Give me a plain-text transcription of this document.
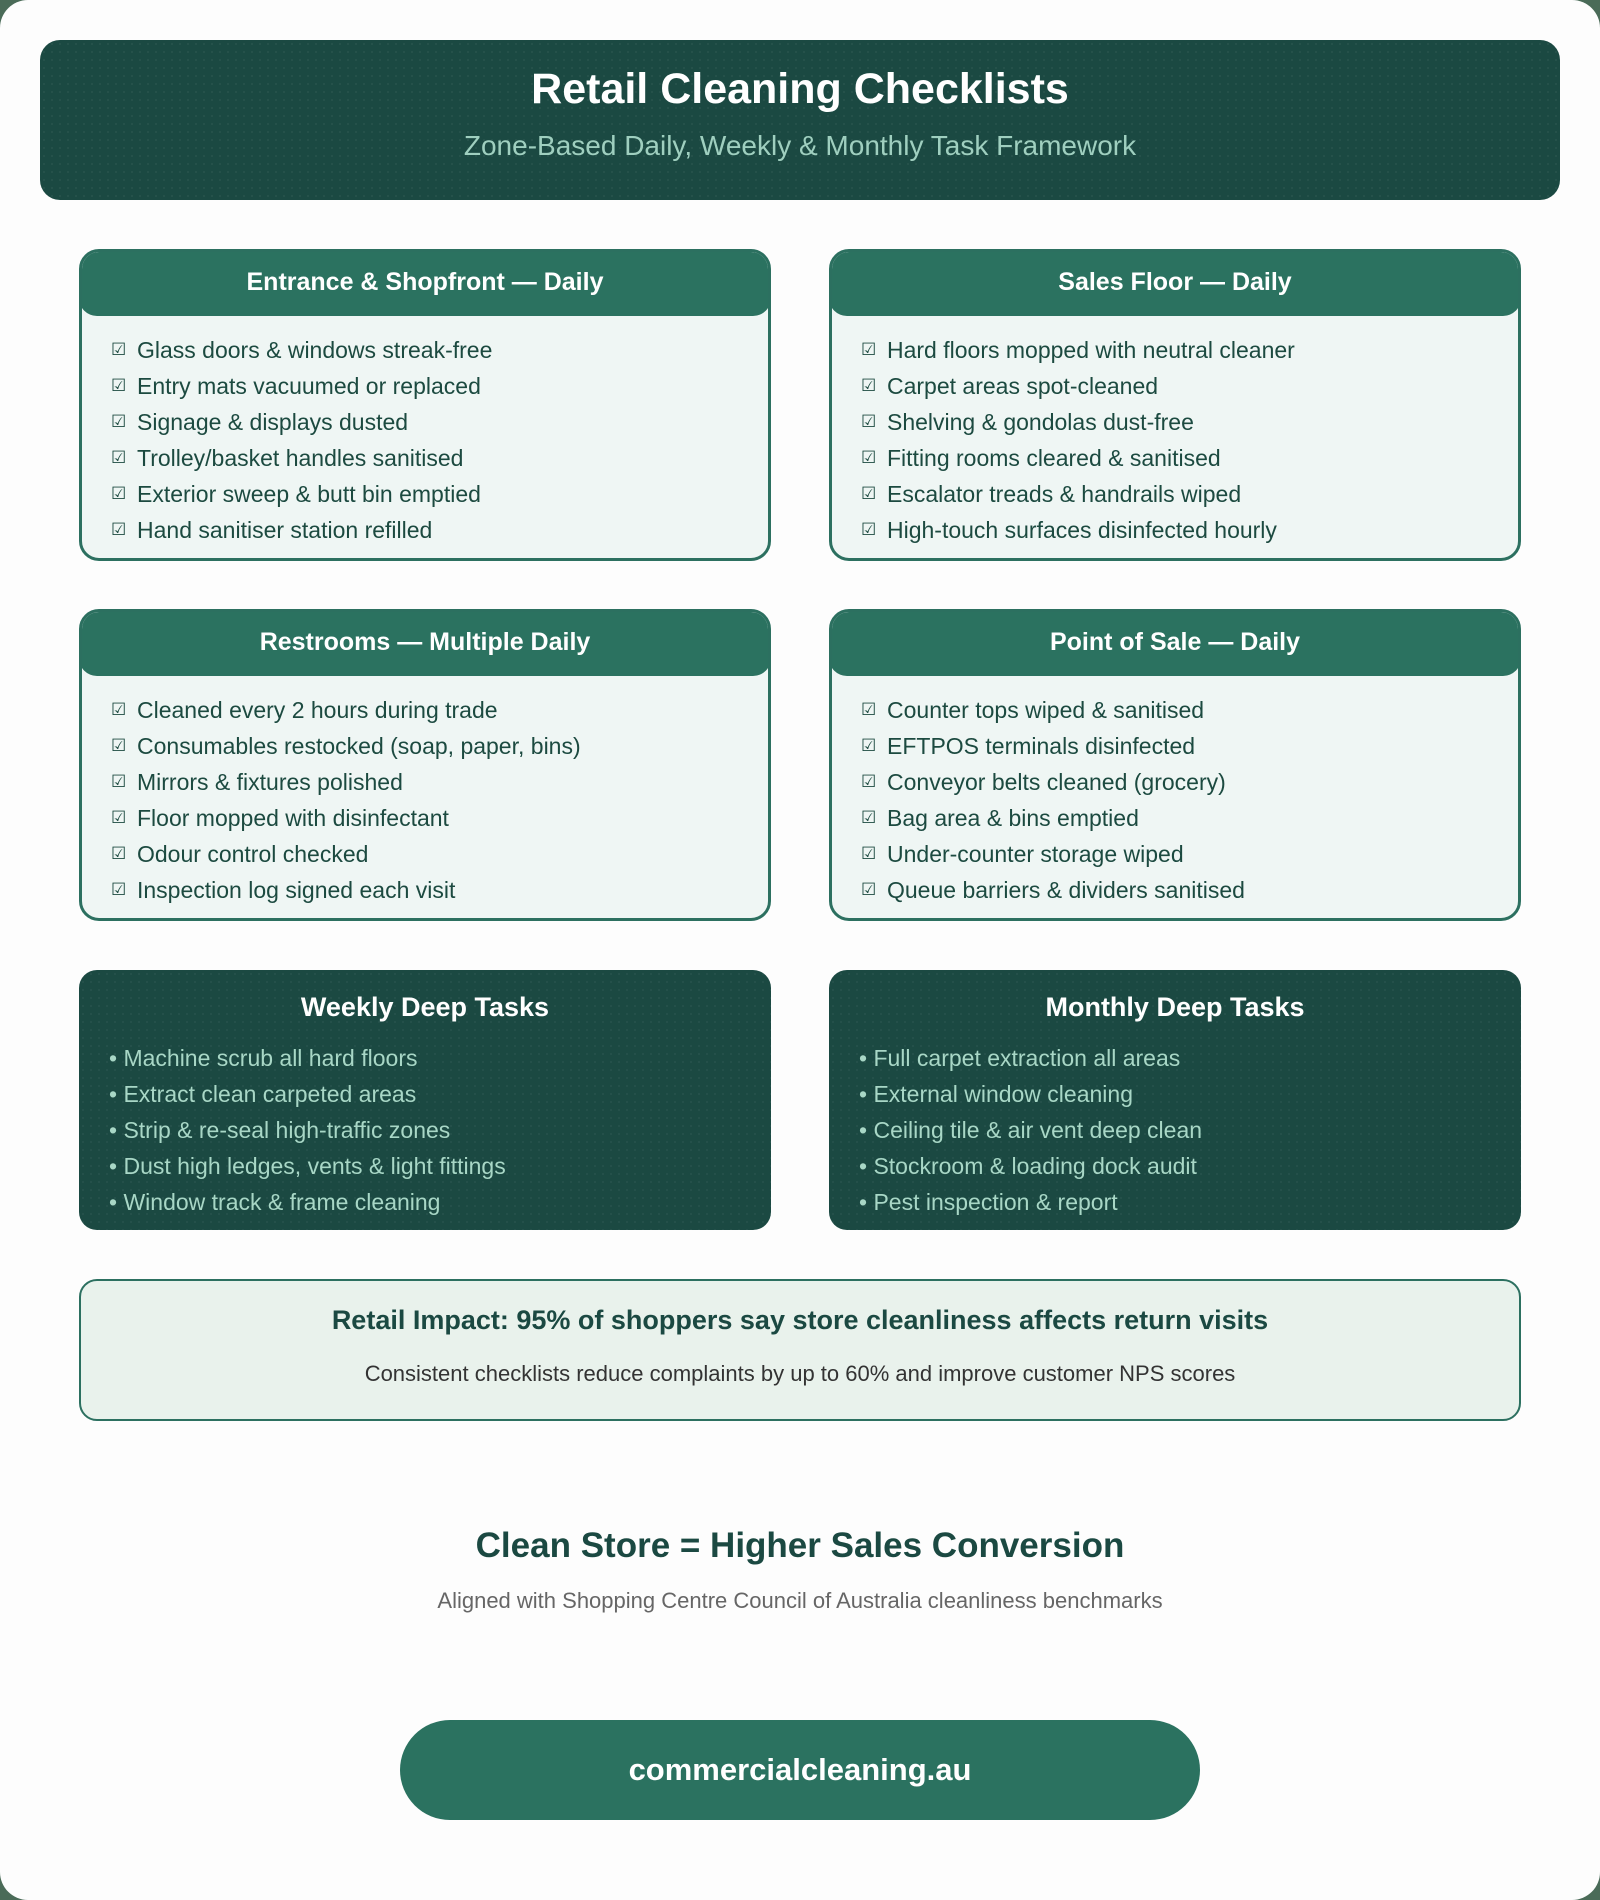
Retail Cleaning Checklists
Zone-Based Daily, Weekly & Monthly Task Framework
Entrance & Shopfront — Daily
☑ Glass doors & windows streak-free
☑ Entry mats vacuumed or replaced
☑ Signage & displays dusted
☑ Trolley/basket handles sanitised
☑ Exterior sweep & butt bin emptied
☑ Hand sanitiser station refilled
Sales Floor — Daily
☑ Hard floors mopped with neutral cleaner
☑ Carpet areas spot-cleaned
☑ Shelving & gondolas dust-free
☑ Fitting rooms cleared & sanitised
☑ Escalator treads & handrails wiped
☑ High-touch surfaces disinfected hourly
Restrooms — Multiple Daily
☑ Cleaned every 2 hours during trade
☑ Consumables restocked (soap, paper, bins)
☑ Mirrors & fixtures polished
☑ Floor mopped with disinfectant
☑ Odour control checked
☑ Inspection log signed each visit
Point of Sale — Daily
☑ Counter tops wiped & sanitised
☑ EFTPOS terminals disinfected
☑ Conveyor belts cleaned (grocery)
☑ Bag area & bins emptied
☑ Under-counter storage wiped
☑ Queue barriers & dividers sanitised
Weekly Deep Tasks
• Machine scrub all hard floors
• Extract clean carpeted areas
• Strip & re-seal high-traffic zones
• Dust high ledges, vents & light fittings
• Window track & frame cleaning
Monthly Deep Tasks
• Full carpet extraction all areas
• External window cleaning
• Ceiling tile & air vent deep clean
• Stockroom & loading dock audit
• Pest inspection & report
Retail Impact: 95% of shoppers say store cleanliness affects return visits
Consistent checklists reduce complaints by up to 60% and improve customer NPS scores
Clean Store = Higher Sales Conversion
Aligned with Shopping Centre Council of Australia cleanliness benchmarks
commercialcleaning.au
